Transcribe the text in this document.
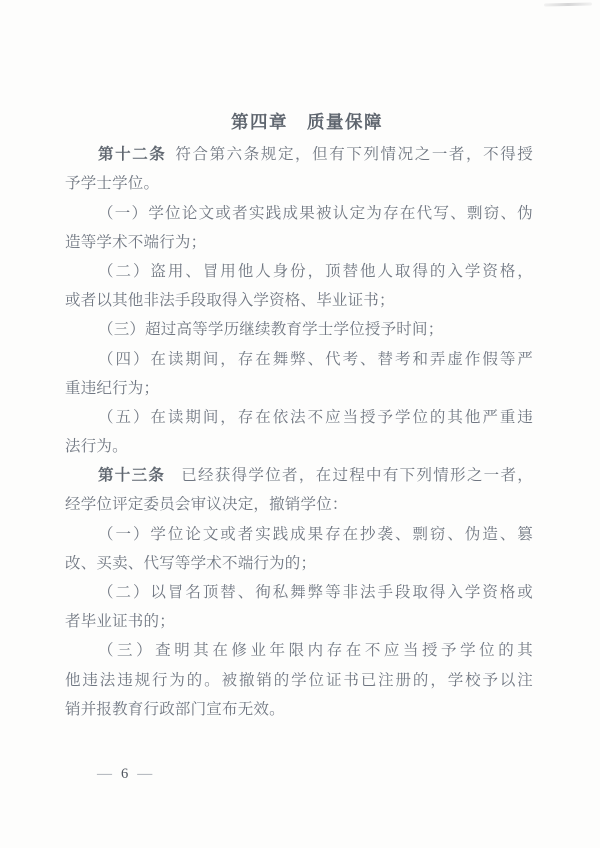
第四章　质量保障
第十二条 符合第六条规定，但有下列情况之一者，不得授
予学士学位。
（一）学位论文或者实践成果被认定为存在代写、剽窃、伪
造等学术不端行为；
（二）盗用、冒用他人身份，顶替他人取得的入学资格，
或者以其他非法手段取得入学资格、毕业证书；
（三）超过高等学历继续教育学士学位授予时间；
（四）在读期间，存在舞弊、代考、替考和弄虚作假等严
重违纪行为；
（五）在读期间，存在依法不应当授予学位的其他严重违
法行为。
第十三条 已经获得学位者，在过程中有下列情形之一者，
经学位评定委员会审议决定，撤销学位：
（一）学位论文或者实践成果存在抄袭、剽窃、伪造、篡
改、买卖、代写等学术不端行为的；
（二）以冒名顶替、徇私舞弊等非法手段取得入学资格或
者毕业证书的；
（三）查明其在修业年限内存在不应当授予学位的其
他违法违规行为的。被撤销的学位证书已注册的，学校予以注
销并报教育行政部门宣布无效。
— 6 —
